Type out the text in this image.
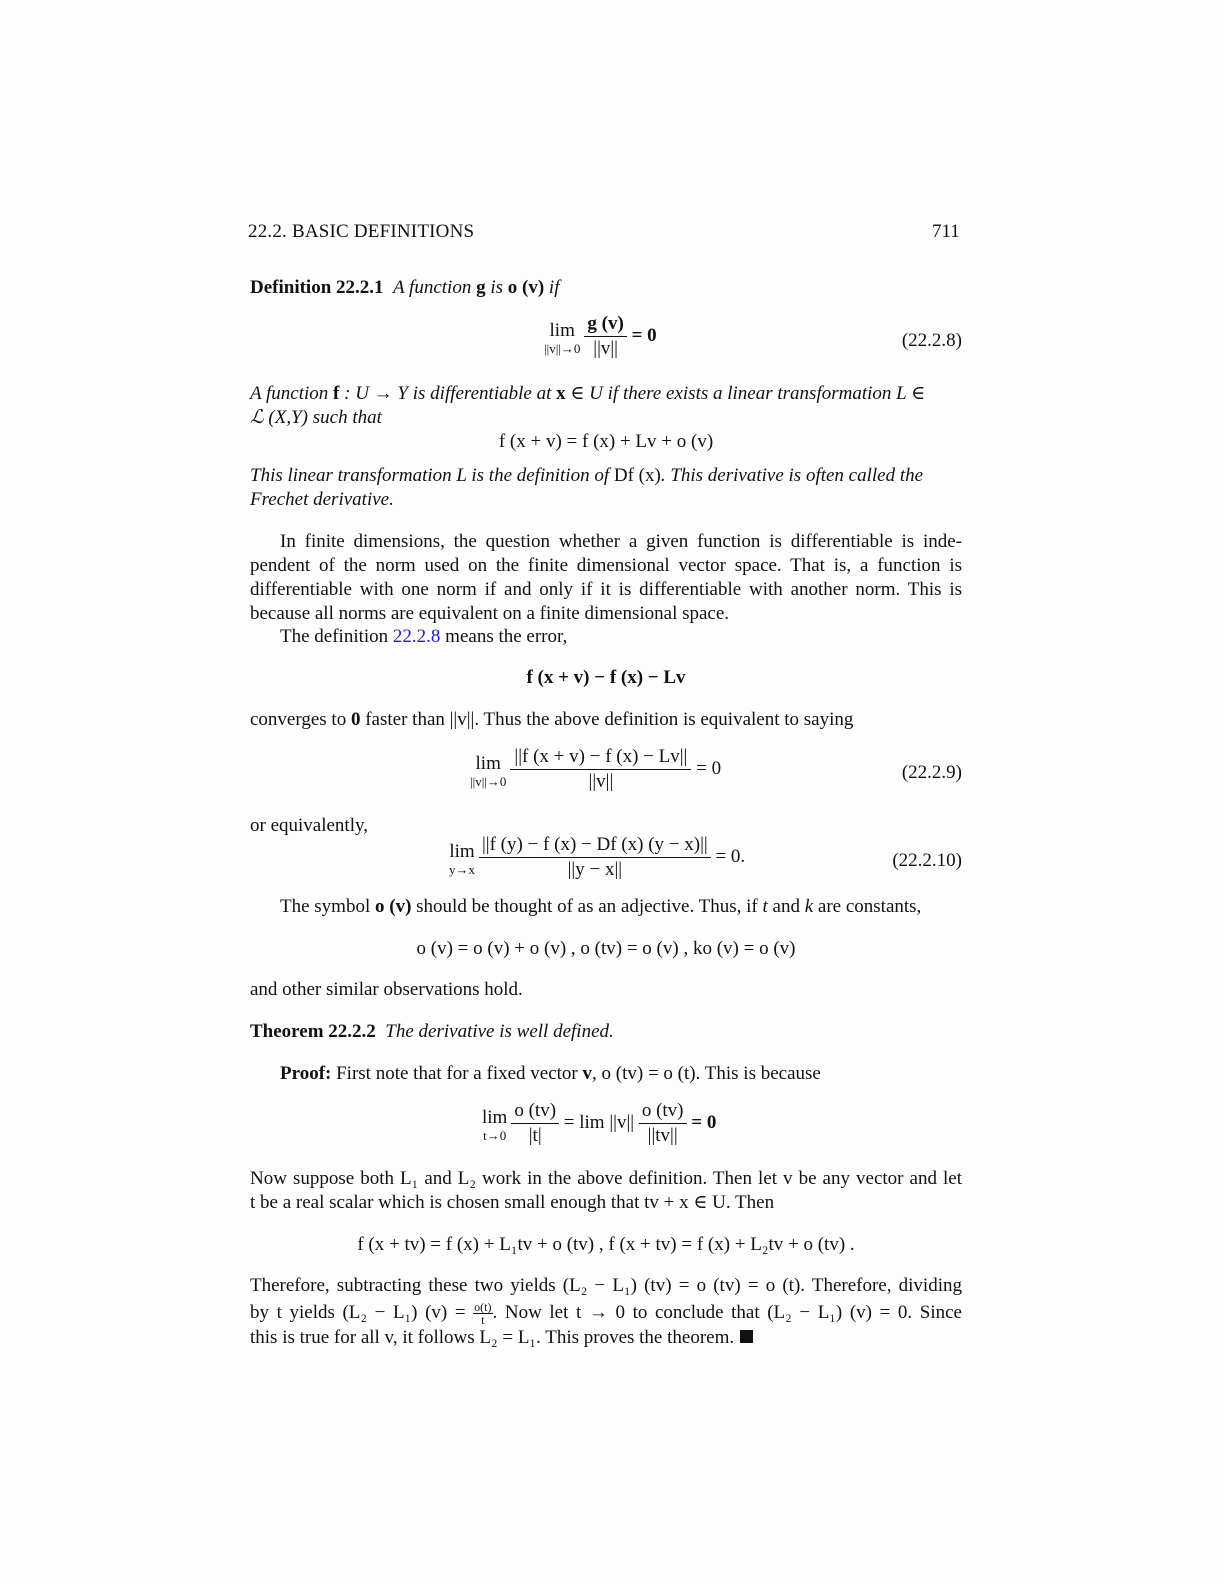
22.2. BASIC DEFINITIONS	711
Definition 22.2.1 A function g is o (v) if
lim
$||v||\to 0 \frac{g (v)}{||v||} = 0$	(22.2.8)
A function f : U → Y is differentiable at x ∈ U if there exists a linear transformation L ∈
ℒ (X,Y) such that
f (x + v) = f (x) + Lv + o (v)
This linear transformation L is the definition of Df (x). This derivative is often called the
Frechet derivative.
In finite dimensions, the question whether a given function is differentiable is inde-
pendent of the norm used on the finite dimensional vector space. That is, a function is
differentiable with one norm if and only if it is differentiable with another norm. This is
because all norms are equivalent on a finite dimensional space.
The definition 22.2.8 means the error,
f (x + v) − f (x) − Lv
converges to 0 faster than ||v||. Thus the above definition is equivalent to saying
lim
$||v||\to 0 \frac{||f (x + v) - f (x) - Lv||}{||v||} = 0$	(22.2.9)
or equivalently,
lim
$y\to x \frac{||f (y) - f (x) - Df (x) (y - x)||}{||y - x||} = 0$.	(22.2.10)
The symbol o (v) should be thought of as an adjective. Thus, if t and k are constants,
o (v) = o (v) + o (v) , o (tv) = o (v) , ko (v) = o (v)
and other similar observations hold.
Theorem 22.2.2 The derivative is well defined.
Proof: First note that for a fixed vector v, o (tv) = o (t). This is because
lim
$t\to 0 \frac{o (tv)}{|t|} = \lim ||v|| \frac{o (tv)}{||tv||} = 0$
Now suppose both L₁ and L₂ work in the above definition. Then let v be any vector and let
t be a real scalar which is chosen small enough that tv + x ∈ U. Then
f (x + tv) = f (x) + L₁tv + o (tv) , f (x + tv) = f (x) + L₂tv + o (tv) .
Therefore, subtracting these two yields (L₂ − L₁) (tv) = o (tv) = o (t). Therefore, dividing
by t yields (L₂ − L₁) $(v) = \frac{o(t)}{t}$ . Now let t → 0 to conclude that (L₂ − L₁) (v) = 0. Since
this is true for all v, it follows L₂ = L₁. This proves the theorem.
